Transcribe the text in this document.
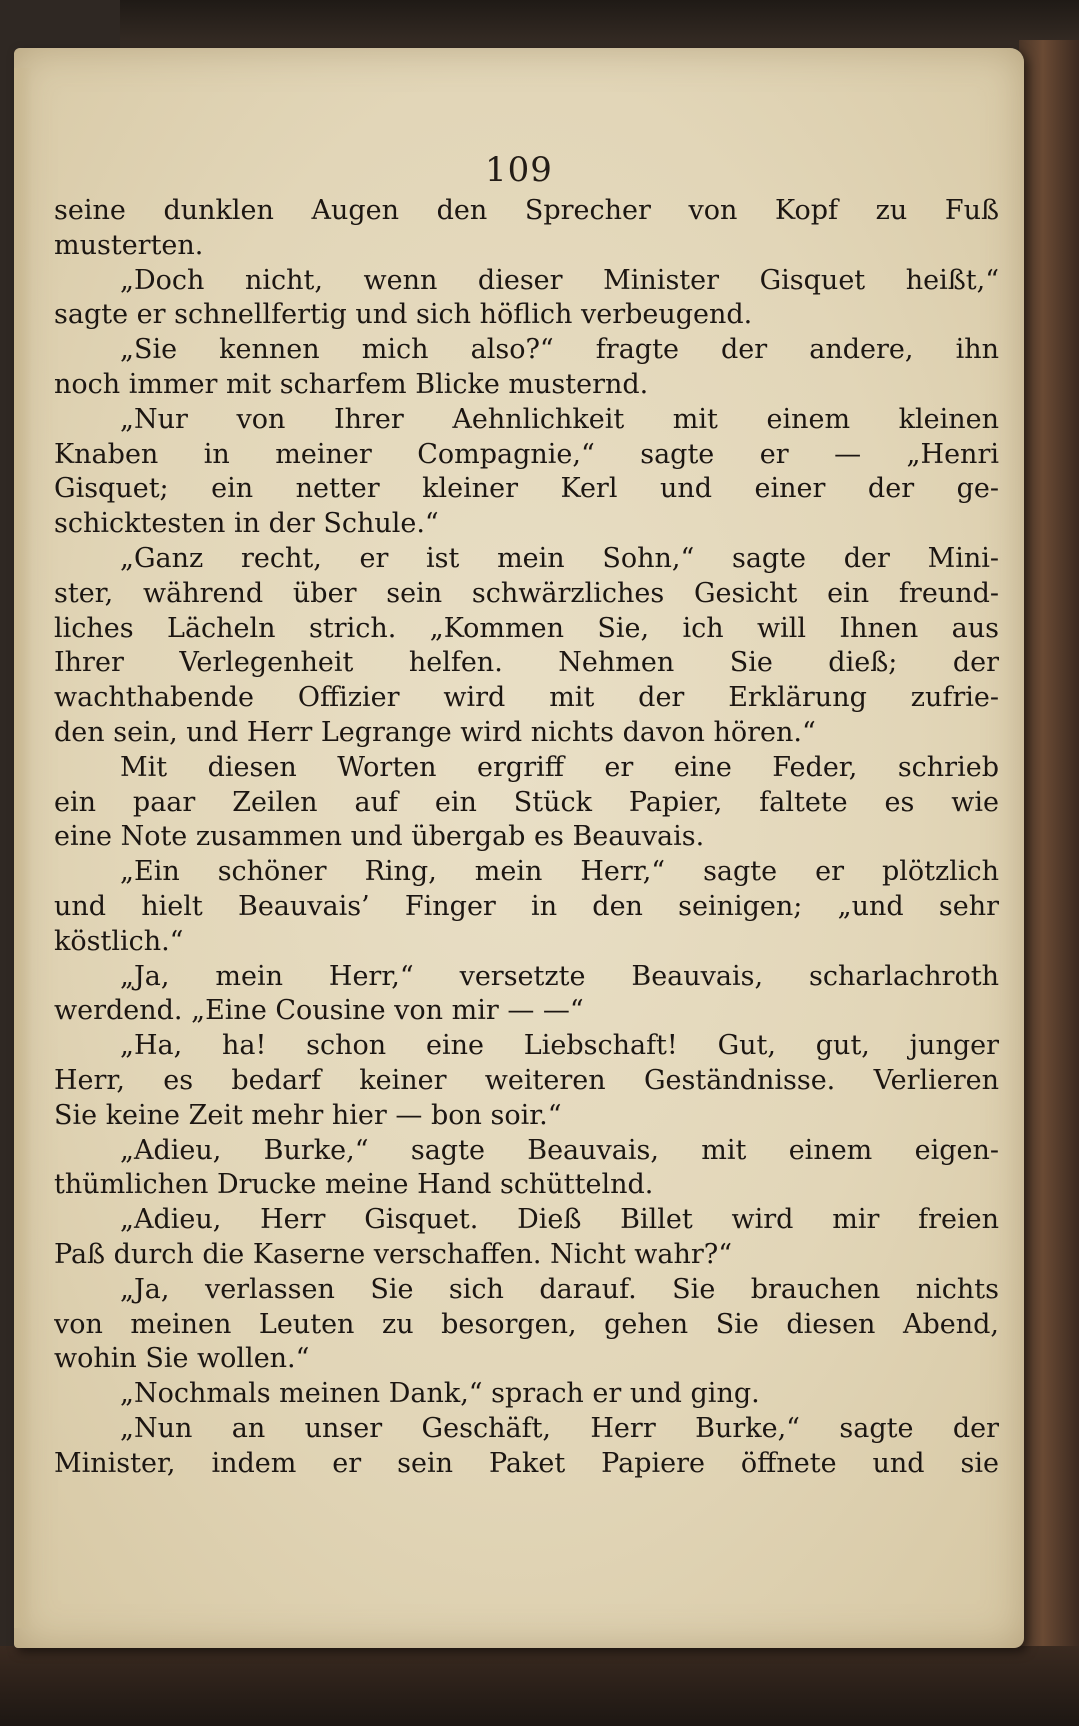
109
seine dunklen Augen den Sprecher von Kopf zu Fuß
musterten.
„Doch nicht, wenn dieser Minister Gisquet heißt,“
sagte er schnellfertig und sich höflich verbeugend.
„Sie kennen mich also?“ fragte der andere, ihn
noch immer mit scharfem Blicke musternd.
„Nur von Ihrer Aehnlichkeit mit einem kleinen
Knaben in meiner Compagnie,“ sagte er — „Henri
Gisquet; ein netter kleiner Kerl und einer der ge-
schicktesten in der Schule.“
„Ganz recht, er ist mein Sohn,“ sagte der Mini-
ster, während über sein schwärzliches Gesicht ein freund-
liches Lächeln strich. „Kommen Sie, ich will Ihnen aus
Ihrer Verlegenheit helfen. Nehmen Sie dieß; der
wachthabende Offizier wird mit der Erklärung zufrie-
den sein, und Herr Legrange wird nichts davon hören.“
Mit diesen Worten ergriff er eine Feder, schrieb
ein paar Zeilen auf ein Stück Papier, faltete es wie
eine Note zusammen und übergab es Beauvais.
„Ein schöner Ring, mein Herr,“ sagte er plötzlich
und hielt Beauvais’ Finger in den seinigen; „und sehr
köstlich.“
„Ja, mein Herr,“ versetzte Beauvais, scharlachroth
werdend. „Eine Cousine von mir — —“
„Ha, ha! schon eine Liebschaft! Gut, gut, junger
Herr, es bedarf keiner weiteren Geständnisse. Verlieren
Sie keine Zeit mehr hier — bon soir.“
„Adieu, Burke,“ sagte Beauvais, mit einem eigen-
thümlichen Drucke meine Hand schüttelnd.
„Adieu, Herr Gisquet. Dieß Billet wird mir freien
Paß durch die Kaserne verschaffen. Nicht wahr?“
„Ja, verlassen Sie sich darauf. Sie brauchen nichts
von meinen Leuten zu besorgen, gehen Sie diesen Abend,
wohin Sie wollen.“
„Nochmals meinen Dank,“ sprach er und ging.
„Nun an unser Geschäft, Herr Burke,“ sagte der
Minister, indem er sein Paket Papiere öffnete und sie
